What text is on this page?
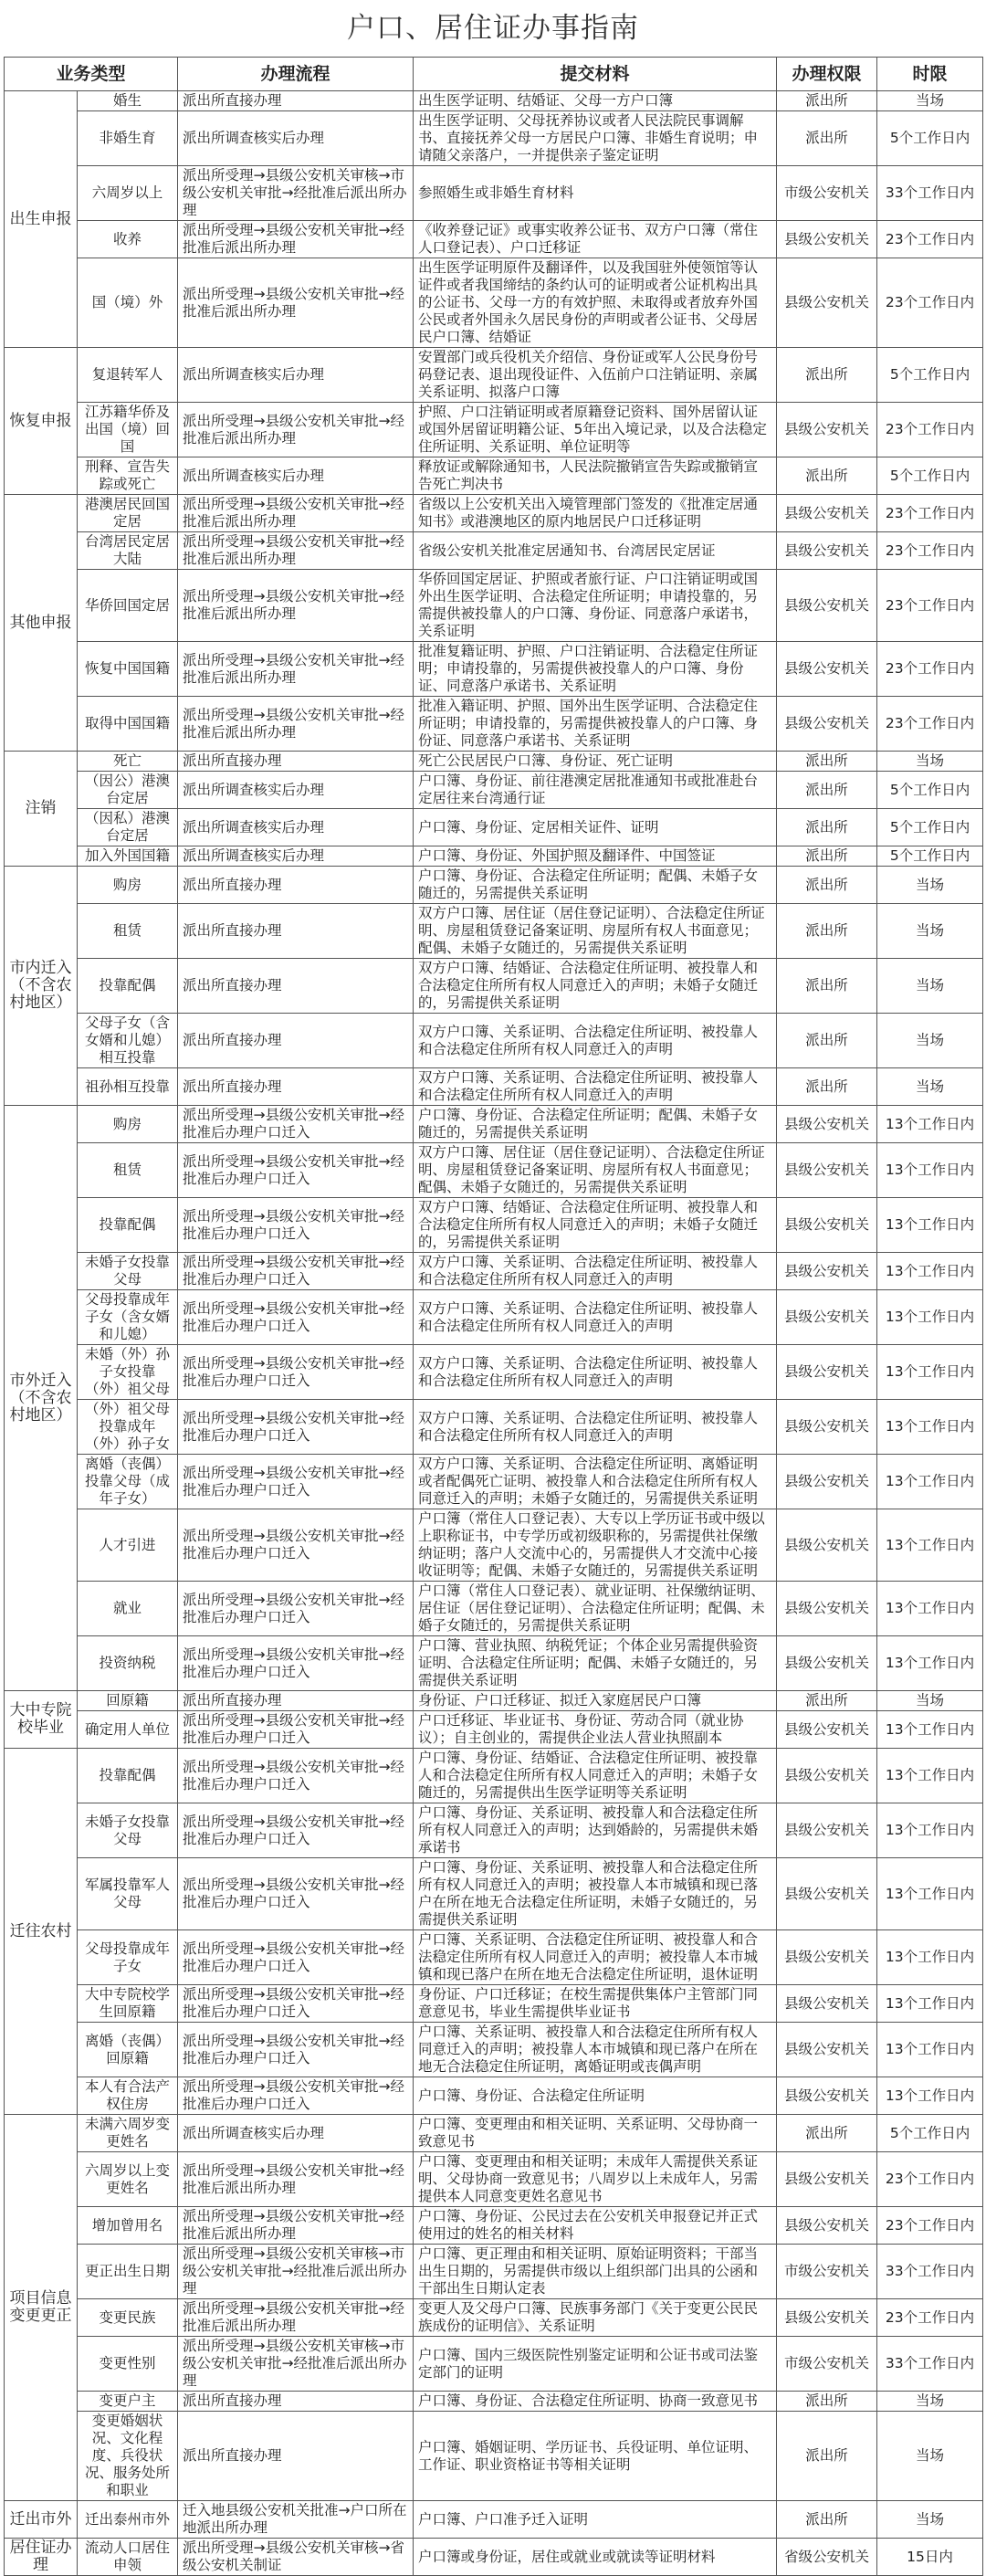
户口、居住证办事指南
业务类型		办理流程	提交材料	办理权限	时限
出生申报	婚生	派出所直接办理	出生医学证明、结婚证、父母一方户口簿	派出所	当场
	非婚生育	派出所调查核实后办理	出生医学证明、父母抚养协议或者人民法院民事调解书、直接抚养父母一方居民户口簿、非婚生育说明；申请随父亲落户，一并提供亲子鉴定证明	派出所	5个工作日内
	六周岁以上	派出所受理→县级公安机关审核→市级公安机关审批→经批准后派出所办理	参照婚生或非婚生育材料	市级公安机关	33个工作日内
	收养	派出所受理→县级公安机关审批→经批准后派出所办理	《收养登记证》或事实收养公证书、双方户口簿（常住人口登记表）、户口迁移证	县级公安机关	23个工作日内
	国（境）外	派出所受理→县级公安机关审批→经批准后派出所办理	出生医学证明原件及翻译件，以及我国驻外使领馆等认证件或者我国缔结的条约认可的证明或者公证机构出具的公证书、父母一方的有效护照、未取得或者放弃外国公民或者外国永久居民身份的声明或者公证书、父母居民户口簿、结婚证	县级公安机关	23个工作日内
恢复申报	复退转军人	派出所调查核实后办理	安置部门或兵役机关介绍信、身份证或军人公民身份号码登记表、退出现役证件、入伍前户口注销证明、亲属关系证明、拟落户口簿	派出所	5个工作日内
	江苏籍华侨及出国（境）回国	派出所受理→县级公安机关审批→经批准后派出所办理	护照、户口注销证明或者原籍登记资料、国外居留认证或国外居留证明籍公证、5年出入境记录，以及合法稳定住所证明、关系证明、单位证明等	县级公安机关	23个工作日内
	刑释、宣告失踪或死亡	派出所调查核实后办理	释放证或解除通知书，人民法院撤销宣告失踪或撤销宣告死亡判决书	派出所	5个工作日内
其他申报	港澳居民回国定居	派出所受理→县级公安机关审批→经批准后派出所办理	省级以上公安机关出入境管理部门签发的《批准定居通知书》或港澳地区的原内地居民户口迁移证明	县级公安机关	23个工作日内
	台湾居民定居大陆	派出所受理→县级公安机关审批→经批准后派出所办理	省级公安机关批准定居通知书、台湾居民定居证	县级公安机关	23个工作日内
	华侨回国定居	派出所受理→县级公安机关审批→经批准后派出所办理	华侨回国定居证、护照或者旅行证、户口注销证明或国外出生医学证明、合法稳定住所证明；申请投靠的，另需提供被投靠人的户口簿、身份证、同意落户承诺书，关系证明	县级公安机关	23个工作日内
	恢复中国国籍	派出所受理→县级公安机关审批→经批准后派出所办理	批准复籍证明、护照、户口注销证明、合法稳定住所证明；申请投靠的，另需提供被投靠人的户口簿、身份证、同意落户承诺书、关系证明	县级公安机关	23个工作日内
	取得中国国籍	派出所受理→县级公安机关审批→经批准后派出所办理	批准入籍证明、护照、国外出生医学证明、合法稳定住所证明；申请投靠的，另需提供被投靠人的户口簿、身份证、同意落户承诺书、关系证明	县级公安机关	23个工作日内
注销	死亡	派出所直接办理	死亡公民居民户口簿、身份证、死亡证明	派出所	当场
	（因公）港澳台定居	派出所调查核实后办理	户口簿、身份证、前往港澳定居批准通知书或批准赴台定居往来台湾通行证	派出所	5个工作日内
	（因私）港澳台定居	派出所调查核实后办理	户口簿、身份证、定居相关证件、证明	派出所	5个工作日内
	加入外国国籍	派出所调查核实后办理	户口簿、身份证、外国护照及翻译件、中国签证	派出所	5个工作日内
市内迁入（不含农村地区）	购房	派出所直接办理	户口簿、身份证、合法稳定住所证明；配偶、未婚子女随迁的，另需提供关系证明	派出所	当场
	租赁	派出所直接办理	双方户口簿、居住证（居住登记证明）、合法稳定住所证明、房屋租赁登记备案证明、房屋所有权人书面意见；配偶、未婚子女随迁的，另需提供关系证明	派出所	当场
	投靠配偶	派出所直接办理	双方户口簿、结婚证、合法稳定住所证明、被投靠人和合法稳定住所所有权人同意迁入的声明；未婚子女随迁的，另需提供关系证明	派出所	当场
	父母子女（含女婿和儿媳）相互投靠	派出所直接办理	双方户口簿、关系证明、合法稳定住所证明、被投靠人和合法稳定住所所有权人同意迁入的声明	派出所	当场
	祖孙相互投靠	派出所直接办理	双方户口簿、关系证明、合法稳定住所证明、被投靠人和合法稳定住所所有权人同意迁入的声明	派出所	当场
市外迁入（不含农村地区）	购房	派出所受理→县级公安机关审批→经批准后办理户口迁入	户口簿、身份证、合法稳定住所证明；配偶、未婚子女随迁的，另需提供关系证明	县级公安机关	13个工作日内
	租赁	派出所受理→县级公安机关审批→经批准后办理户口迁入	双方户口簿、居住证（居住登记证明）、合法稳定住所证明、房屋租赁登记备案证明、房屋所有权人书面意见；配偶、未婚子女随迁的，另需提供关系证明	县级公安机关	13个工作日内
	投靠配偶	派出所受理→县级公安机关审批→经批准后办理户口迁入	双方户口簿、结婚证、合法稳定住所证明、被投靠人和合法稳定住所所有权人同意迁入的声明；未婚子女随迁的，另需提供关系证明	县级公安机关	13个工作日内
	未婚子女投靠父母	派出所受理→县级公安机关审批→经批准后办理户口迁入	双方户口簿、关系证明、合法稳定住所证明、被投靠人和合法稳定住所所有权人同意迁入的声明	县级公安机关	13个工作日内
	父母投靠成年子女（含女婿和儿媳）	派出所受理→县级公安机关审批→经批准后办理户口迁入	双方户口簿、关系证明、合法稳定住所证明、被投靠人和合法稳定住所所有权人同意迁入的声明	县级公安机关	13个工作日内
	未婚（外）孙子女投靠（外）祖父母	派出所受理→县级公安机关审批→经批准后办理户口迁入	双方户口簿、关系证明、合法稳定住所证明、被投靠人和合法稳定住所所有权人同意迁入的声明	县级公安机关	13个工作日内
	（外）祖父母投靠成年（外）孙子女	派出所受理→县级公安机关审批→经批准后办理户口迁入	双方户口簿、关系证明、合法稳定住所证明、被投靠人和合法稳定住所所有权人同意迁入的声明	县级公安机关	13个工作日内
	离婚（丧偶）投靠父母（成年子女）	派出所受理→县级公安机关审批→经批准后办理户口迁入	双方户口簿、关系证明、合法稳定住所证明、离婚证明或者配偶死亡证明、被投靠人和合法稳定住所所有权人同意迁入的声明；未婚子女随迁的，另需提供关系证明	县级公安机关	13个工作日内
	人才引进	派出所受理→县级公安机关审批→经批准后办理户口迁入	户口簿（常住人口登记表）、大专以上学历证书或中级以上职称证书，中专学历或初级职称的，另需提供社保缴纳证明；落户人交流中心的，另需提供人才交流中心接收证明等；配偶、未婚子女随迁的，另需提供关系证明	县级公安机关	13个工作日内
	就业	派出所受理→县级公安机关审批→经批准后办理户口迁入	户口簿（常住人口登记表）、就业证明、社保缴纳证明、居住证（居住登记证明）、合法稳定住所证明；配偶、未婚子女随迁的，另需提供关系证明	县级公安机关	13个工作日内
	投资纳税	派出所受理→县级公安机关审批→经批准后办理户口迁入	户口簿、营业执照、纳税凭证；个体企业另需提供验资证明、合法稳定住所证明；配偶、未婚子女随迁的，另需提供关系证明	县级公安机关	13个工作日内
大中专院校毕业	回原籍	派出所直接办理	身份证、户口迁移证、拟迁入家庭居民户口簿	派出所	当场
	确定用人单位	派出所受理→县级公安机关审批→经批准后办理户口迁入	户口迁移证、毕业证书、身份证、劳动合同（就业协议）；自主创业的，需提供企业法人营业执照副本	县级公安机关	13个工作日内
迁往农村	投靠配偶	派出所受理→县级公安机关审批→经批准后办理户口迁入	户口簿、身份证、结婚证、合法稳定住所证明、被投靠人和合法稳定住所所有权人同意迁入的声明；未婚子女随迁的，另需提供出生医学证明等关系证明	县级公安机关	13个工作日内
	未婚子女投靠父母	派出所受理→县级公安机关审批→经批准后办理户口迁入	户口簿、身份证、关系证明、被投靠人和合法稳定住所所有权人同意迁入的声明；达到婚龄的，另需提供未婚承诺书	县级公安机关	13个工作日内
	军属投靠军人父母	派出所受理→县级公安机关审批→经批准后办理户口迁入	户口簿、身份证、关系证明、被投靠人和合法稳定住所所有权人同意迁入的声明；被投靠人本市城镇和现已落户在所在地无合法稳定住所证明，未婚子女随迁的，另需提供关系证明	县级公安机关	13个工作日内
	父母投靠成年子女	派出所受理→县级公安机关审批→经批准后办理户口迁入	户口簿、关系证明、合法稳定住所证明、被投靠人和合法稳定住所所有权人同意迁入的声明；被投靠人本市城镇和现已落户在所在地无合法稳定住所证明，退休证明	县级公安机关	13个工作日内
	大中专院校学生回原籍	派出所受理→县级公安机关审批→经批准后办理户口迁入	身份证、户口迁移证；在校生需提供集体户主管部门同意意见书，毕业生需提供毕业证书	县级公安机关	13个工作日内
	离婚（丧偶）回原籍	派出所受理→县级公安机关审批→经批准后办理户口迁入	户口簿、关系证明、被投靠人和合法稳定住所所有权人同意迁入的声明；被投靠人本市城镇和现已落户在所在地无合法稳定住所证明，离婚证明或丧偶声明	县级公安机关	13个工作日内
	本人有合法产权住房	派出所受理→县级公安机关审批→经批准后办理户口迁入	户口簿、身份证、合法稳定住所证明	县级公安机关	13个工作日内
项目信息变更更正	未满六周岁变更姓名	派出所调查核实后办理	户口簿、变更理由和相关证明、关系证明、父母协商一致意见书	派出所	5个工作日内
	六周岁以上变更姓名	派出所受理→县级公安机关审批→经批准后派出所办理	户口簿、变更理由和相关证明；未成年人需提供关系证明、父母协商一致意见书；八周岁以上未成年人，另需提供本人同意变更姓名意见书	县级公安机关	23个工作日内
	增加曾用名	派出所受理→县级公安机关审批→经批准后派出所办理	户口簿、身份证、公民过去在公安机关申报登记并正式使用过的姓名的相关材料	县级公安机关	23个工作日内
	更正出生日期	派出所受理→县级公安机关审核→市级公安机关审批→经批准后派出所办理	户口簿、更正理由和相关证明、原始证明资料；干部当出生日期的，另需提供市级以上组织部门出具的公函和干部出生日期认定表	市级公安机关	33个工作日内
	变更民族	派出所受理→县级公安机关审批→经批准后派出所办理	变更人及父母户口簿、民族事务部门《关于变更公民民族成份的证明信》、关系证明	县级公安机关	23个工作日内
	变更性别	派出所受理→县级公安机关审核→市级公安机关审批→经批准后派出所办理	户口簿、国内三级医院性别鉴定证明和公证书或司法鉴定部门的证明	市级公安机关	33个工作日内
	变更户主	派出所直接办理	户口簿、身份证、合法稳定住所证明、协商一致意见书	派出所	当场
	变更婚姻状况、文化程度、兵役状况、服务处所和职业	派出所直接办理	户口簿、婚姻证明、学历证书、兵役证明、单位证明、工作证、职业资格证书等相关证明	派出所	当场
迁出市外	迁出泰州市外	迁入地县级公安机关批准→户口所在地派出所办理	户口簿、户口准予迁入证明	派出所	当场
居住证办理	流动人口居住申领	派出所受理→县级公安机关审核→省级公安机关制证	户口簿或身份证，居住或就业或就读等证明材料	省级公安机关	15日内
